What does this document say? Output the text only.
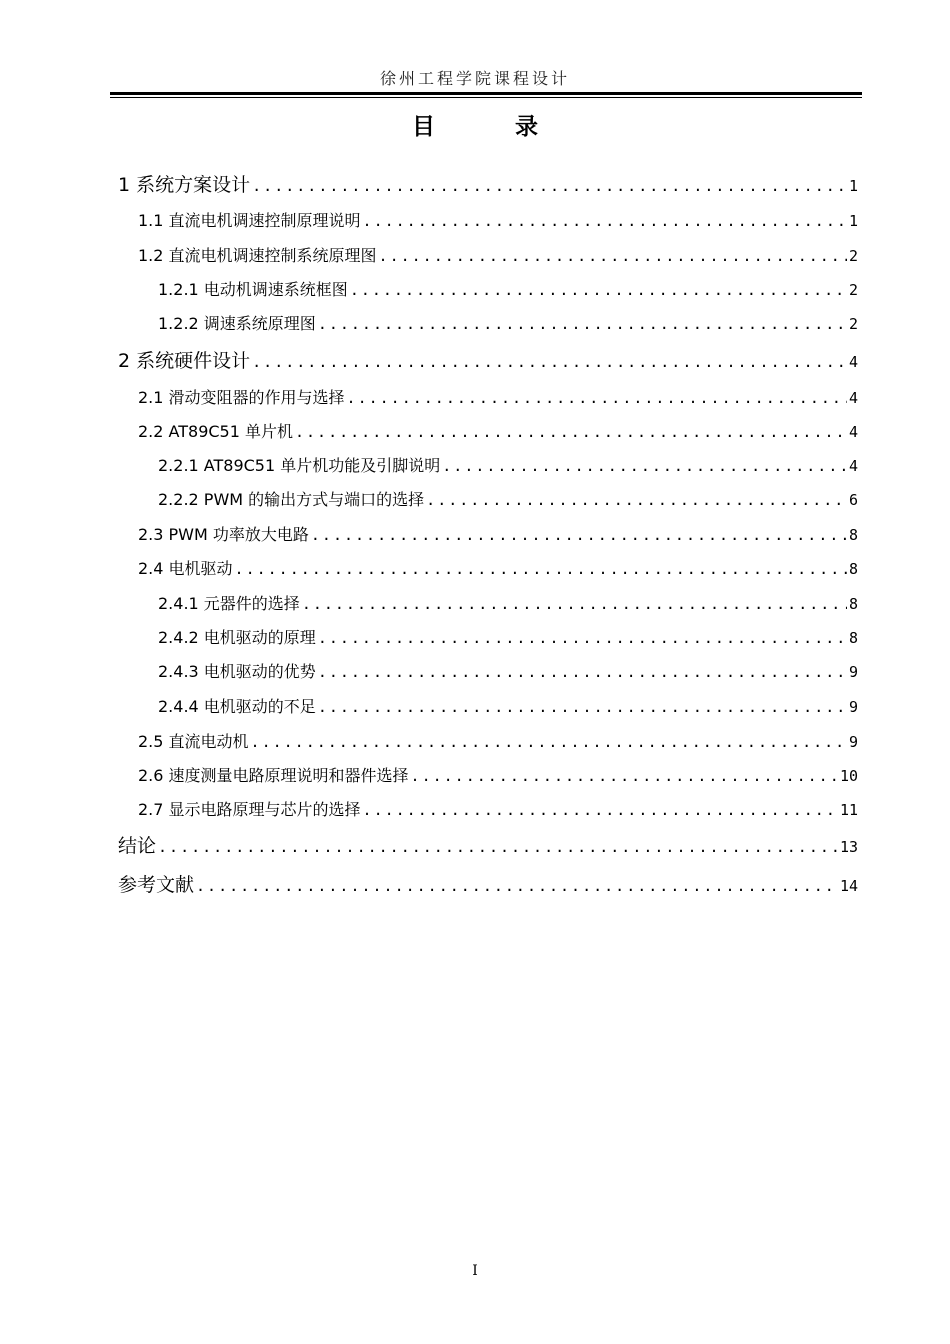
徐州工程学院课程设计
目录
1 系统方案设计 .....	1
1.1 直流电机调速控制原理说明 .....	1
1.2 直流电机调速控制系统原理图 .....	2
1.2.1 电动机调速系统框图 .....	2
1.2.2 调速系统原理图 .....	2
2 系统硬件设计 .....	4
2.1 滑动变阻器的作用与选择 .....	4
2.2 AT89C51 单片机 .....	4
2.2.1 AT89C51 单片机功能及引脚说明 .....	4
2.2.2 PWM 的输出方式与端口的选择 .....	6
2.3 PWM 功率放大电路 .....	8
2.4 电机驱动 .....	8
2.4.1 元器件的选择 .....	8
2.4.2 电机驱动的原理 .....	8
2.4.3 电机驱动的优势 .....	9
2.4.4 电机驱动的不足 .....	9
2.5 直流电动机 .....	9
2.6 速度测量电路原理说明和器件选择 .....	10
2.7 显示电路原理与芯片的选择 .....	11
结论 .....	13
参考文献 .....	14
I
